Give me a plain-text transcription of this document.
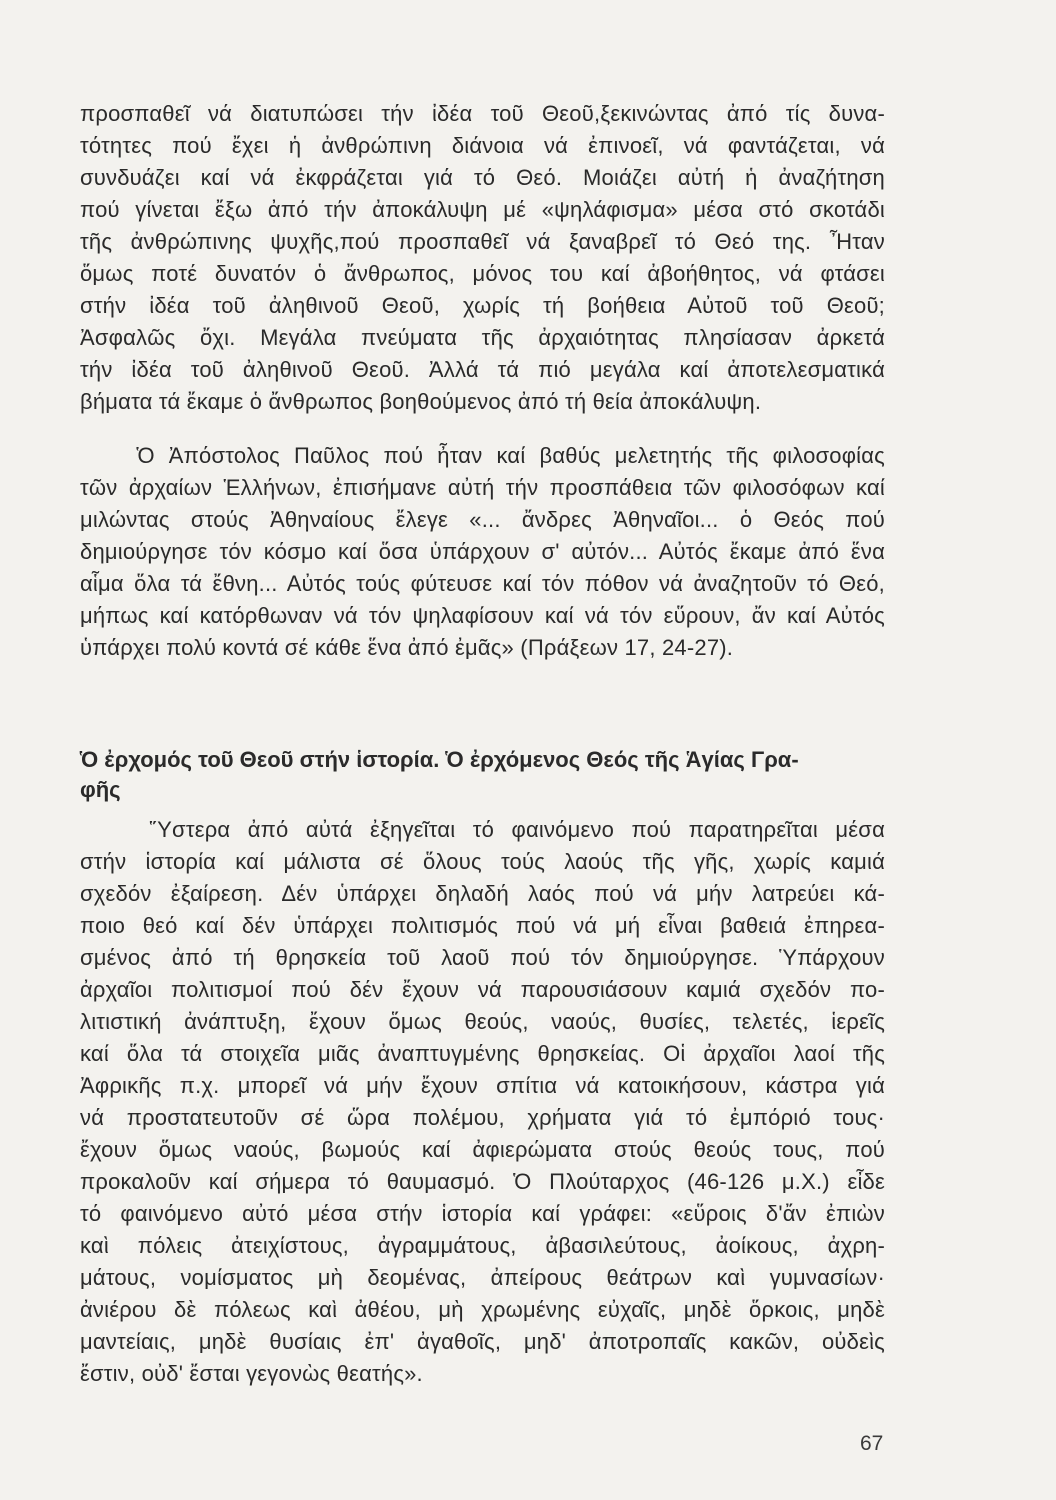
προσπαθεῖ νά διατυπώσει τήν ἰδέα τοῦ Θεοῦ,ξεκινώντας ἀπό τίς δυνα-
τότητες πού ἔχει ἡ ἀνθρώπινη διάνοια νά ἐπινοεῖ, νά φαντάζεται, νά
συνδυάζει καί νά ἐκφράζεται γιά τό Θεό. Μοιάζει αὐτή ἡ ἀναζήτηση
πού γίνεται ἔξω ἀπό τήν ἀποκάλυψη μέ «ψηλάφισμα» μέσα στό σκοτάδι
τῆς ἀνθρώπινης ψυχῆς,πού προσπαθεῖ νά ξαναβρεῖ τό Θεό της. Ἦταν
ὅμως ποτέ δυνατόν ὁ ἄνθρωπος, μόνος του καί ἀβοήθητος, νά φτάσει
στήν ἰδέα τοῦ ἀληθινοῦ Θεοῦ, χωρίς τή βοήθεια Αὐτοῦ τοῦ Θεοῦ;
Ἀσφαλῶς ὄχι. Μεγάλα πνεύματα τῆς ἀρχαιότητας πλησίασαν ἀρκετά
τήν ἰδέα τοῦ ἀληθινοῦ Θεοῦ. Ἀλλά τά πιό μεγάλα καί ἀποτελεσματικά
βήματα τά ἔκαμε ὁ ἄνθρωπος βοηθούμενος ἀπό τή θεία ἀποκάλυψη.
Ὁ Ἀπόστολος Παῦλος πού ἦταν καί βαθύς μελετητής τῆς φιλοσοφίας
τῶν ἀρχαίων Ἑλλήνων, ἐπισήμανε αὐτή τήν προσπάθεια τῶν φιλοσόφων καί
μιλώντας στούς Ἀθηναίους ἔλεγε «... ἄνδρες Ἀθηναῖοι... ὁ Θεός πού
δημιούργησε τόν κόσμο καί ὅσα ὑπάρχουν σ' αὐτόν... Αὐτός ἔκαμε ἀπό ἕνα
αἷμα ὅλα τά ἔθνη... Αὐτός τούς φύτευσε καί τόν πόθον νά ἀναζητοῦν τό Θεό,
μήπως καί κατόρθωναν νά τόν ψηλαφίσουν καί νά τόν εὕρουν, ἄν καί Αὐτός
ὑπάρχει πολύ κοντά σέ κάθε ἕνα ἀπό ἐμᾶς» (Πράξεων 17, 24-27).
Ὁ ἐρχομός τοῦ Θεοῦ στήν ἱστορία. Ὁ ἐρχόμενος Θεός τῆς Ἁγίας Γρα-
φῆς
Ὕστερα ἀπό αὐτά ἐξηγεῖται τό φαινόμενο πού παρατηρεῖται μέσα
στήν ἱστορία καί μάλιστα σέ ὅλους τούς λαούς τῆς γῆς, χωρίς καμιά
σχεδόν ἐξαίρεση. Δέν ὑπάρχει δηλαδή λαός πού νά μήν λατρεύει κά-
ποιο θεό καί δέν ὑπάρχει πολιτισμός πού νά μή εἶναι βαθειά ἐπηρεα-
σμένος ἀπό τή θρησκεία τοῦ λαοῦ πού τόν δημιούργησε. Ὑπάρχουν
ἀρχαῖοι πολιτισμοί πού δέν ἔχουν νά παρουσιάσουν καμιά σχεδόν πο-
λιτιστική ἀνάπτυξη, ἔχουν ὅμως θεούς, ναούς, θυσίες, τελετές, ἱερεῖς
καί ὅλα τά στοιχεῖα μιᾶς ἀναπτυγμένης θρησκείας. Οἱ ἀρχαῖοι λαοί τῆς
Ἀφρικῆς π.χ. μπορεῖ νά μήν ἔχουν σπίτια νά κατοικήσουν, κάστρα γιά
νά προστατευτοῦν σέ ὥρα πολέμου, χρήματα γιά τό ἐμπόριό τους·
ἔχουν ὅμως ναούς, βωμούς καί ἀφιερώματα στούς θεούς τους, πού
προκαλοῦν καί σήμερα τό θαυμασμό. Ὁ Πλούταρχος (46-126 μ.Χ.) εἶδε
τό φαινόμενο αὐτό μέσα στήν ἱστορία καί γράφει: «εὕροις δ'ἄν ἐπιὼν
καὶ πόλεις ἀτειχίστους, ἀγραμμάτους, ἀβασιλεύτους, ἀοίκους, ἀχρη-
μάτους, νομίσματος μὴ δεομένας, ἀπείρους θεάτρων καὶ γυμνασίων·
ἀνιέρου δὲ πόλεως καὶ ἀθέου, μὴ χρωμένης εὐχαῖς, μηδὲ ὅρκοις, μηδὲ
μαντείαις, μηδὲ θυσίαις ἐπ' ἀγαθοῖς, μηδ' ἀποτροπαῖς κακῶν, οὐδεὶς
ἔστιν, οὐδ' ἔσται γεγονὼς θεατής».
67
